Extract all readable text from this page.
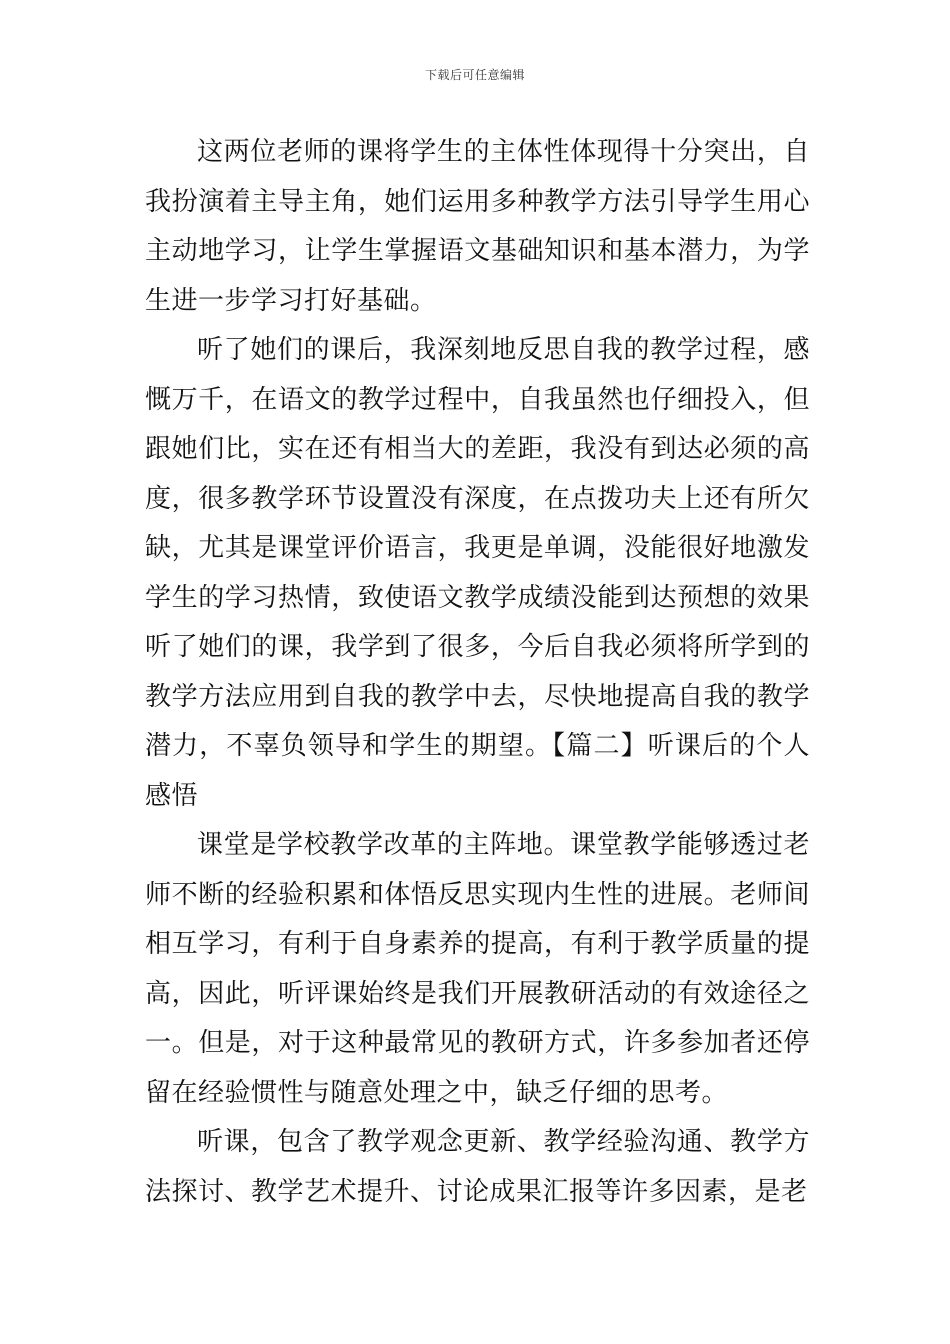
下载后可任意编辑

这两位老师的课将学生的主体性体现得十分突出，自我扮演着主导主角，她们运用多种教学方法引导学生用心主动地学习，让学生掌握语文基础知识和基本潜力，为学生进一步学习打好基础。

听了她们的课后，我深刻地反思自我的教学过程，感慨万千，在语文的教学过程中，自我虽然也仔细投入，但跟她们比，实在还有相当大的差距，我没有到达必须的高度，很多教学环节设置没有深度，在点拨功夫上还有所欠缺，尤其是课堂评价语言，我更是单调，没能很好地激发学生的学习热情，致使语文教学成绩没能到达预想的效果听了她们的课，我学到了很多，今后自我必须将所学到的教学方法应用到自我的教学中去，尽快地提高自我的教学潜力，不辜负领导和学生的期望。【篇二】听课后的个人感悟

课堂是学校教学改革的主阵地。课堂教学能够透过老师不断的经验积累和体悟反思实现内生性的进展。老师间相互学习，有利于自身素养的提高，有利于教学质量的提高，因此，听评课始终是我们开展教研活动的有效途径之一。但是，对于这种最常见的教研方式，许多参加者还停留在经验惯性与随意处理之中，缺乏仔细的思考。

听课，包含了教学观念更新、教学经验沟通、教学方法探讨、教学艺术提升、讨论成果汇报等许多因素，是老
